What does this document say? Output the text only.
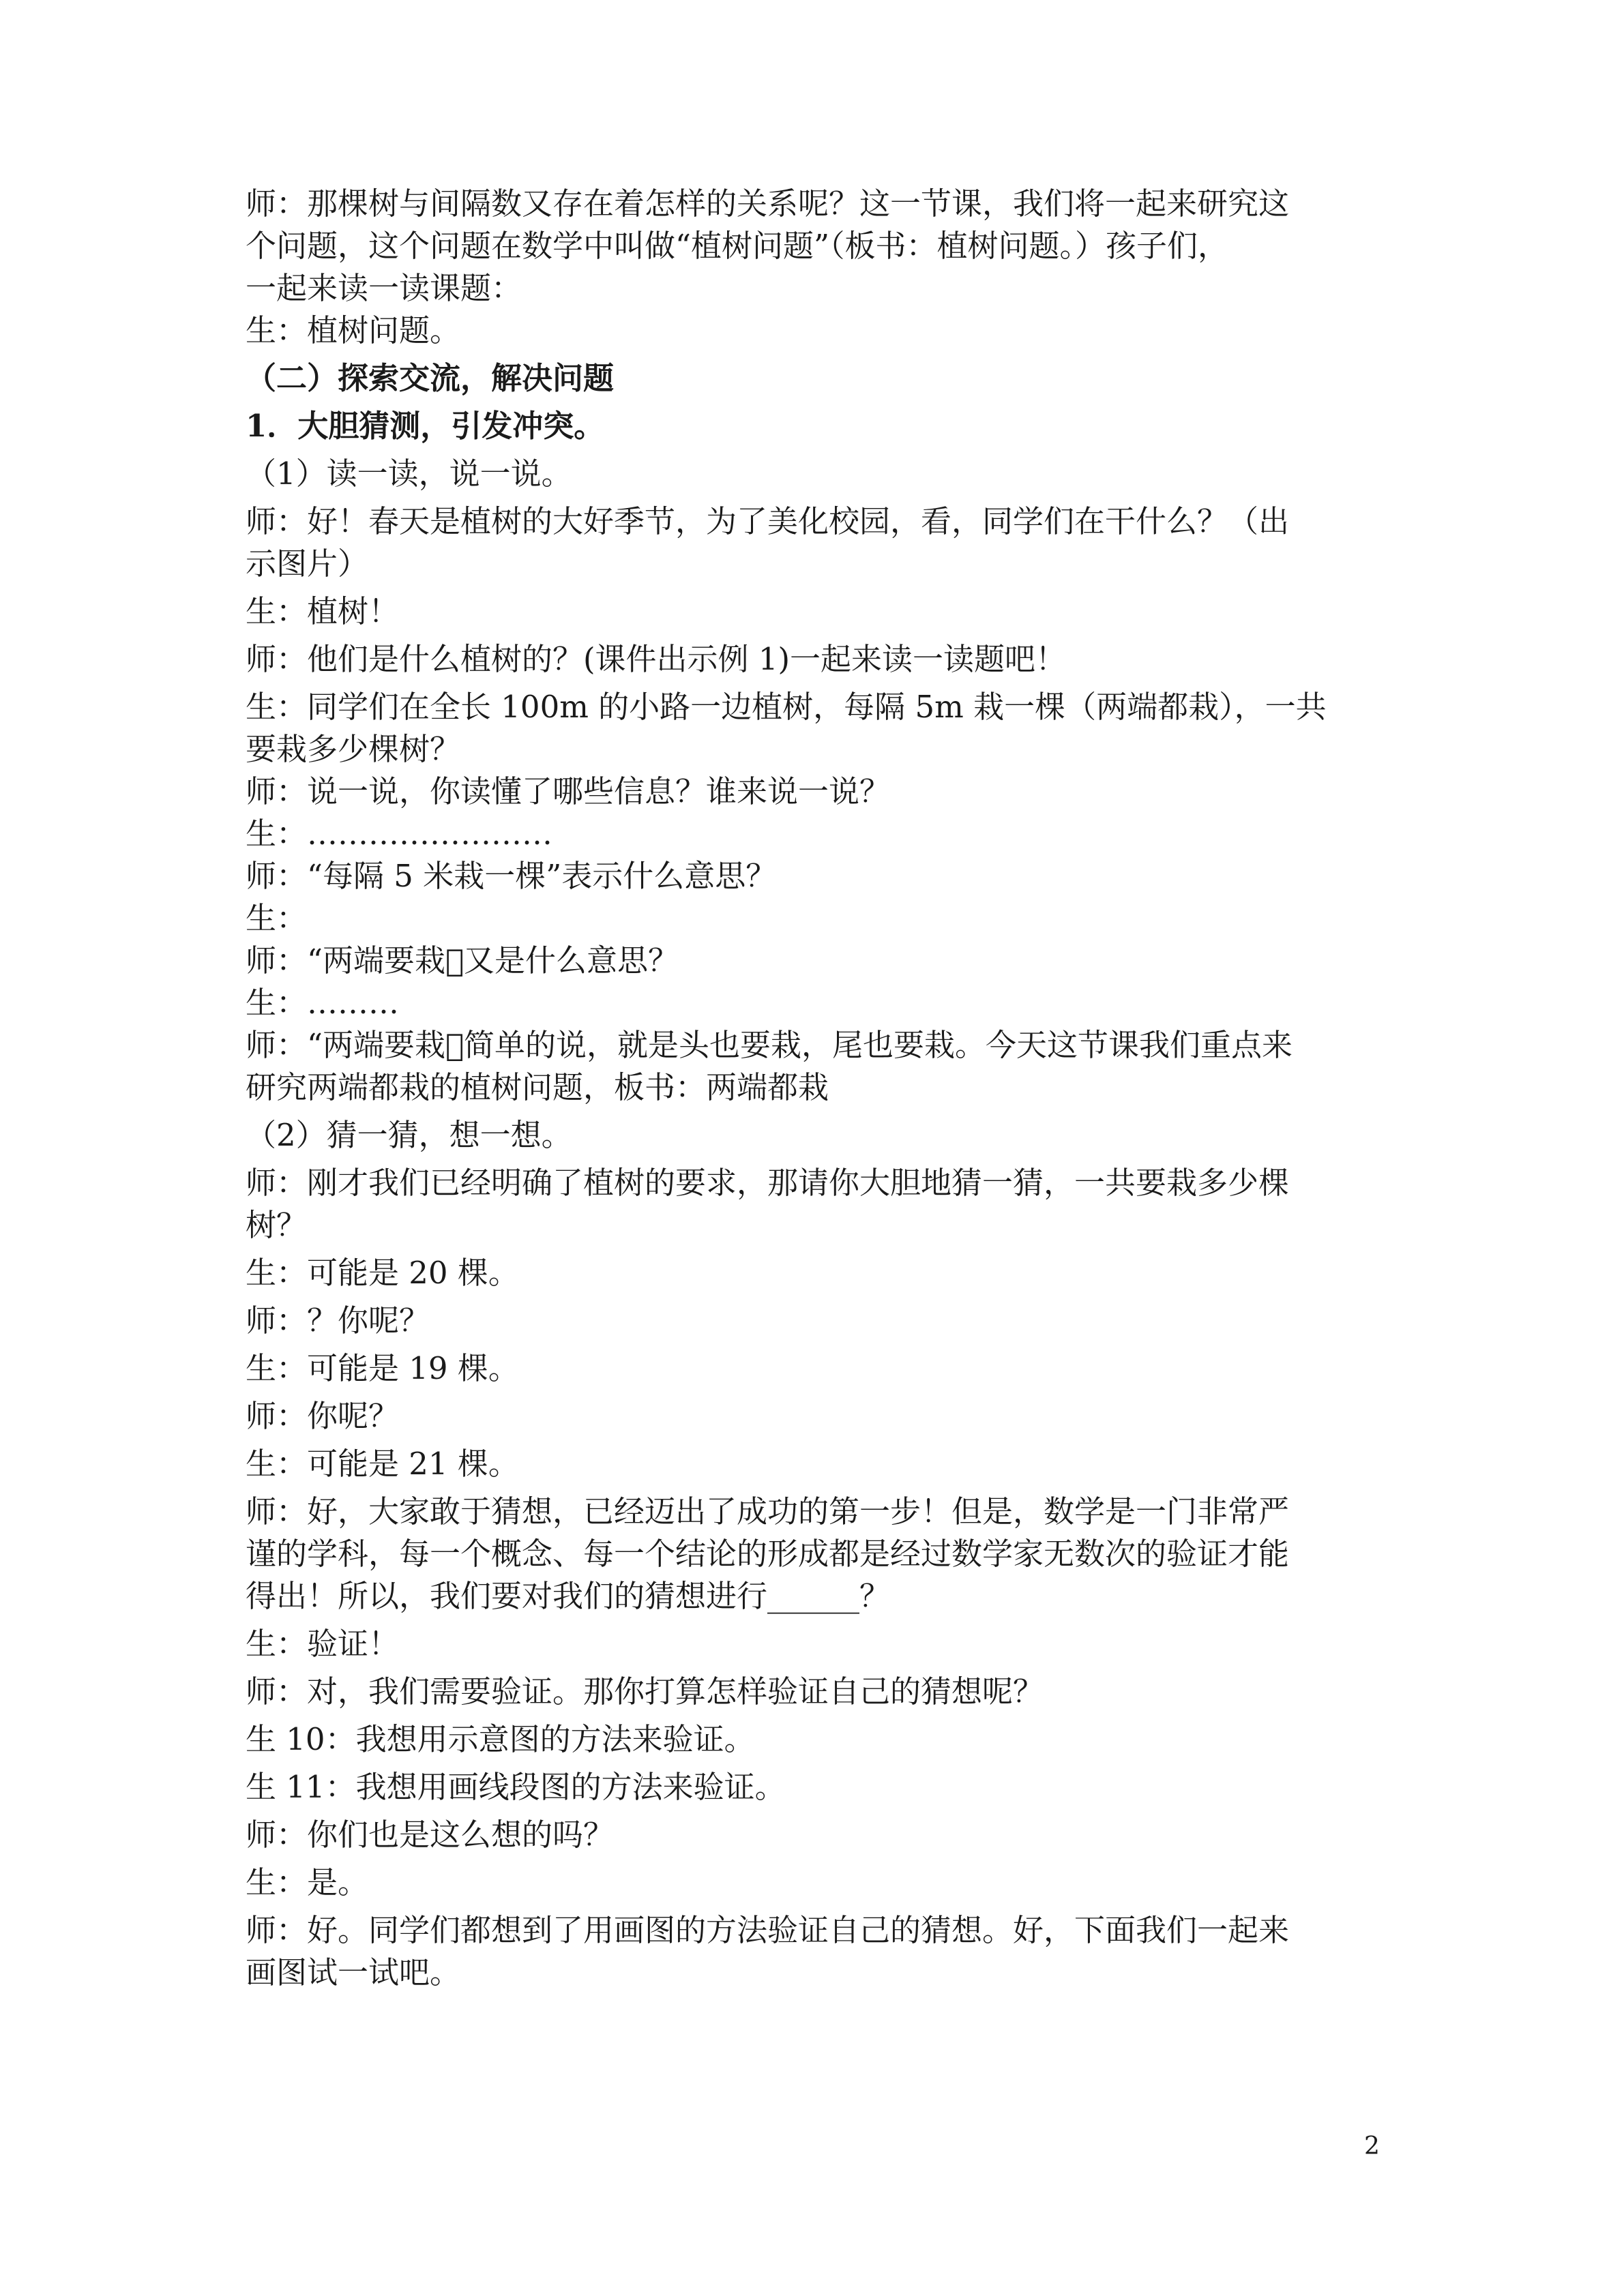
师：那棵树与间隔数又存在着怎样的关系呢？这一节课，我们将一起来研究这

个问题，这个问题在数学中叫做“植树问题”（板书：植树问题。）孩子们，

一起来读一读课题：

生：植树问题。

（二）探索交流，解决问题

1．大胆猜测，引发冲突。

（1）读一读，说一说。

师：好！春天是植树的大好季节，为了美化校园，看，同学们在干什么？（出

示图片）

生：植树！

师：他们是什么植树的？(课件出示例 1)一起来读一读题吧！

生：同学们在全长 100m 的小路一边植树，每隔 5m 栽一棵（两端都栽），一共

要栽多少棵树？

师：说一说，你读懂了哪些信息？谁来说一说？

生：……………………

师：“每隔 5 米栽一棵”表示什么意思？

生：

师：“两端要栽 又是什么意思？

生：………

师：“两端要栽 简单的说，就是头也要栽，尾也要栽。今天这节课我们重点来

研究两端都栽的植树问题，板书：两端都栽

（2）猜一猜，想一想。

师：刚才我们已经明确了植树的要求，那请你大胆地猜一猜，一共要栽多少棵

树？

生：可能是 20 棵。

师：？你呢？

生：可能是 19 棵。

师：你呢？

生：可能是 21 棵。

师：好，大家敢于猜想，已经迈出了成功的第一步！但是，数学是一门非常严

谨的学科，每一个概念、每一个结论的形成都是经过数学家无数次的验证才能

得出！所以，我们要对我们的猜想进行______？

生：验证！

师：对，我们需要验证。那你打算怎样验证自己的猜想呢？

生 10：我想用示意图的方法来验证。

生 11：我想用画线段图的方法来验证。

师：你们也是这么想的吗？

生：是。

师：好。同学们都想到了用画图的方法验证自己的猜想。好，下面我们一起来

画图试一试吧。

2
